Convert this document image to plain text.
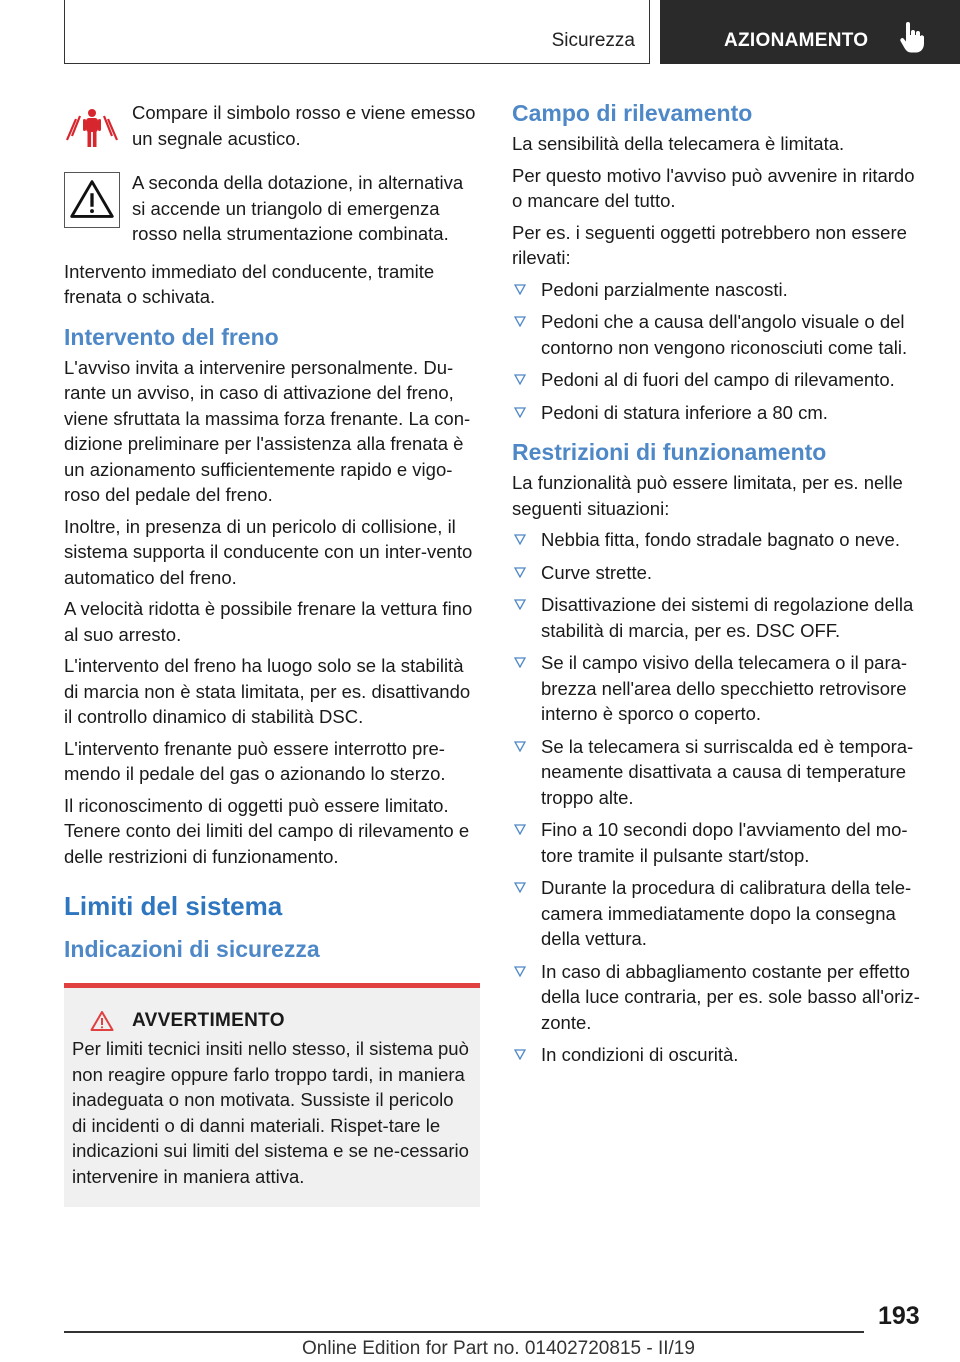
Sicurezza	AZIONAMENTO

Compare il simbolo rosso e viene emesso un segnale acustico.

A seconda della dotazione, in alternativa si accende un triangolo di emergenza rosso nella strumentazione combinata.

Intervento immediato del conducente, tramite frenata o schivata.

Intervento del freno

L'avviso invita a intervenire personalmente. Du‐rante un avviso, in caso di attivazione del freno, viene sfruttata la massima forza frenante. La con‐dizione preliminare per l'assistenza alla frenata è un azionamento sufficientemente rapido e vigo‐roso del pedale del freno.

Inoltre, in presenza di un pericolo di collisione, il sistema supporta il conducente con un inter‐vento automatico del freno.

A velocità ridotta è possibile frenare la vettura fino al suo arresto.

L'intervento del freno ha luogo solo se la stabilità di marcia non è stata limitata, per es. disattivando il controllo dinamico di stabilità DSC.

L'intervento frenante può essere interrotto pre‐mendo il pedale del gas o azionando lo sterzo.

Il riconoscimento di oggetti può essere limitato. Tenere conto dei limiti del campo di rilevamento e delle restrizioni di funzionamento.

Limiti del sistema
Indicazioni di sicurezza
AVVERTIMENTO

Per limiti tecnici insiti nello stesso, il sistema può non reagire oppure farlo troppo tardi, in maniera inadeguata o non motivata. Sussiste il pericolo di incidenti o di danni materiali. Rispet‐tare le indicazioni sui limiti del sistema e se ne‐cessario intervenire in maniera attiva.

Campo di rilevamento

La sensibilità della telecamera è limitata.

Per questo motivo l'avviso può avvenire in ritardo o mancare del tutto.

Per es. i seguenti oggetti potrebbero non essere rilevati:

Pedoni parzialmente nascosti.
Pedoni che a causa dell'angolo visuale o del contorno non vengono riconosciuti come tali.
Pedoni al di fuori del campo di rilevamento.
Pedoni di statura inferiore a 80 cm.
Restrizioni di funzionamento

La funzionalità può essere limitata, per es. nelle seguenti situazioni:

Nebbia fitta, fondo stradale bagnato o neve.
Curve strette.
Disattivazione dei sistemi di regolazione della stabilità di marcia, per es. DSC OFF.
Se il campo visivo della telecamera o il para‐brezza nell'area dello specchietto retrovisore interno è sporco o coperto.
Se la telecamera si surriscalda ed è tempora‐neamente disattivata a causa di temperature troppo alte.
Fino a 10 secondi dopo l'avviamento del mo‐tore tramite il pulsante start/stop.
Durante la procedura di calibratura della tele‐camera immediatamente dopo la consegna della vettura.
In caso di abbagliamento costante per effetto della luce contraria, per es. sole basso all'oriz‐zonte.
In condizioni di oscurità.
193
Online Edition for Part no. 01402720815 - II/19
